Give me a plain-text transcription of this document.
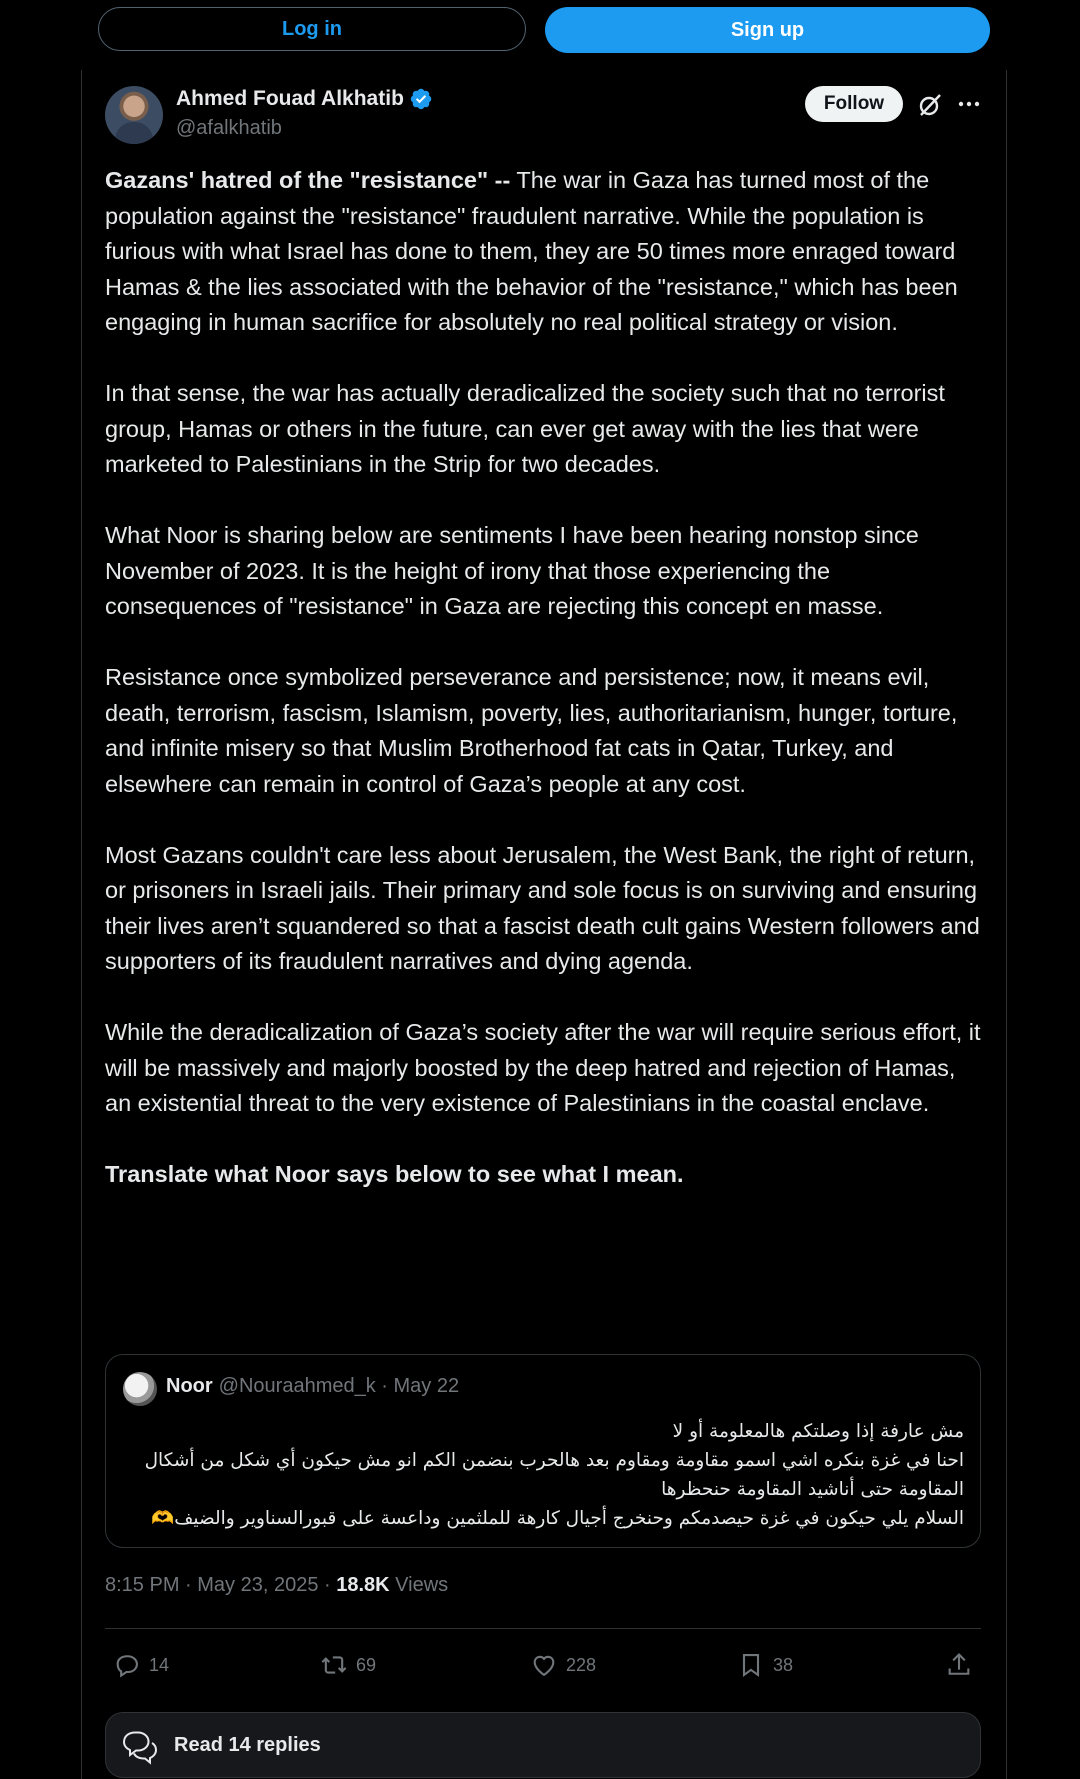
Log in	Sign up
Ahmed Fouad Alkhatib
@afalkhatib
Follow

Gazans' hatred of the "resistance" -- The war in Gaza has turned most of the population against the "resistance" fraudulent narrative. While the population is furious with what Israel has done to them, they are 50 times more enraged toward Hamas & the lies associated with the behavior of the "resistance," which has been engaging in human sacrifice for absolutely no real political strategy or vision.

In that sense, the war has actually deradicalized the society such that no terrorist group, Hamas or others in the future, can ever get away with the lies that were marketed to Palestinians in the Strip for two decades.

What Noor is sharing below are sentiments I have been hearing nonstop since November of 2023. It is the height of irony that those experiencing the consequences of "resistance" in Gaza are rejecting this concept en masse.

Resistance once symbolized perseverance and persistence; now, it means evil, death, terrorism, fascism, Islamism, poverty, lies, authoritarianism, hunger, torture, and infinite misery so that Muslim Brotherhood fat cats in Qatar, Turkey, and elsewhere can remain in control of Gaza’s people at any cost.

Most Gazans couldn't care less about Jerusalem, the West Bank, the right of return, or prisoners in Israeli jails. Their primary and sole focus is on surviving and ensuring their lives aren’t squandered so that a fascist death cult gains Western followers and supporters of its fraudulent narratives and dying agenda.

While the deradicalization of Gaza’s society after the war will require serious effort, it will be massively and majorly boosted by the deep hatred and rejection of Hamas, an existential threat to the very existence of Palestinians in the coastal enclave.

Translate what Noor says below to see what I mean.

Noor @Nouraahmed_k · May 22
مش عارفة إذا وصلتكم هالمعلومة أو لا
احنا في غزة بنكره اشي اسمو مقاومة ومقاوم بعد هالحرب بنضمن الكم انو مش حيكون أي شكل من أشكال
المقاومة حتى أناشيد المقاومة حنحظرها
السلام يلي حيكون في غزة حيصدمكم وحنخرج أجيال كارهة للملثمين وداعسة على قبورالسناوير والضيف🫶
8:15 PM · May 23, 2025 · 18.8K Views
14	69	228	38
Read 14 replies
